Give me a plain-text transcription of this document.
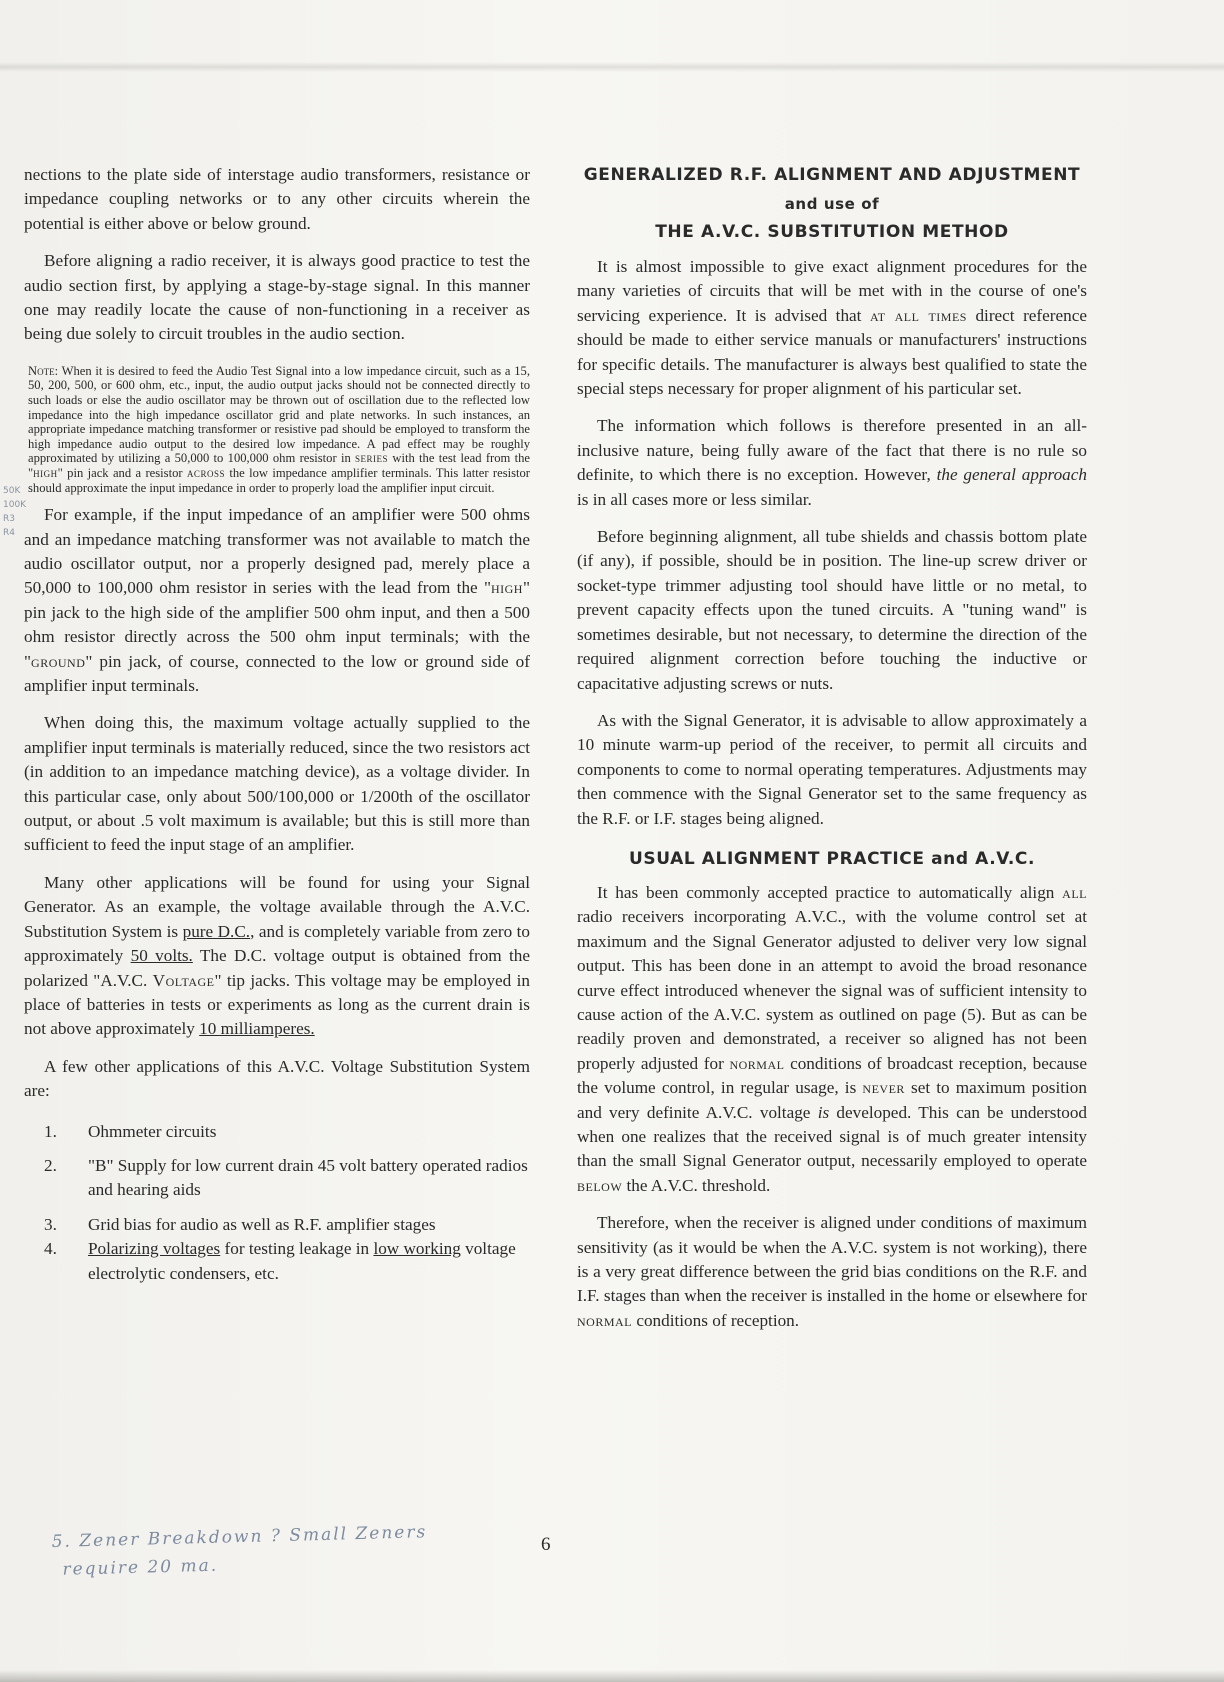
50K
100K
R3
R4

nections to the plate side of interstage audio transformers, resistance or impedance coupling networks or to any other circuits wherein the potential is either above or below ground.

Before aligning a radio receiver, it is always good practice to test the audio section first, by applying a stage-by-stage signal. In this manner one may readily locate the cause of non-functioning in a receiver as being due solely to circuit troubles in the audio section.

Note: When it is desired to feed the Audio Test Signal into a low impedance circuit, such as a 15, 50, 200, 500, or 600 ohm, etc., input, the audio output jacks should not be connected directly to such loads or else the audio oscillator may be thrown out of oscillation due to the reflected low impedance into the high impedance oscillator grid and plate networks. In such instances, an appropriate impedance matching transformer or resistive pad should be employed to transform the high impedance audio output to the desired low impedance. A pad effect may be roughly approximated by utilizing a 50,000 to 100,000 ohm resistor in series with the test lead from the "high" pin jack and a resistor across the low impedance amplifier terminals. This latter resistor should approximate the input impedance in order to properly load the amplifier input circuit.

For example, if the input impedance of an amplifier were 500 ohms and an impedance matching transformer was not available to match the audio oscillator output, nor a properly designed pad, merely place a 50,000 to 100,000 ohm resistor in series with the lead from the "high" pin jack to the high side of the amplifier 500 ohm input, and then a 500 ohm resistor directly across the 500 ohm input terminals; with the "ground" pin jack, of course, connected to the low or ground side of amplifier input terminals.

When doing this, the maximum voltage actually supplied to the amplifier input terminals is materially reduced, since the two resistors act (in addition to an impedance matching device), as a voltage divider. In this particular case, only about 500/100,000 or 1/200th of the oscillator output, or about .5 volt maximum is available; but this is still more than sufficient to feed the input stage of an amplifier.

Many other applications will be found for using your Signal Generator. As an example, the voltage available through the A.V.C. Substitution System is pure D.C., and is completely variable from zero to approximately 50 volts. The D.C. voltage output is obtained from the polarized "A.V.C. Voltage" tip jacks. This voltage may be employed in place of batteries in tests or experiments as long as the current drain is not above approximately 10 milliamperes.

A few other applications of this A.V.C. Voltage Substitution System are:

1.	Ohmmeter circuits
2.	"B" Supply for low current drain 45 volt battery operated radios and hearing aids
3.	Grid bias for audio as well as R.F. amplifier stages
4.	Polarizing voltages for testing leakage in low working voltage electrolytic condensers, etc.
5. Zener Breakdown ? Small Zeners
require 20 ma.
GENERALIZED R.F. ALIGNMENT AND ADJUSTMENT
and use of
THE A.V.C. SUBSTITUTION METHOD

It is almost impossible to give exact alignment procedures for the many varieties of circuits that will be met with in the course of one's servicing experience. It is advised that at all times direct reference should be made to either service manuals or manufacturers' instructions for specific details. The manufacturer is always best qualified to state the special steps necessary for proper alignment of his particular set.

The information which follows is therefore presented in an all-inclusive nature, being fully aware of the fact that there is no rule so definite, to which there is no exception. However, the general approach is in all cases more or less similar.

Before beginning alignment, all tube shields and chassis bottom plate (if any), if possible, should be in position. The line-up screw driver or socket-type trimmer adjusting tool should have little or no metal, to prevent capacity effects upon the tuned circuits. A "tuning wand" is sometimes desirable, but not necessary, to determine the direction of the required alignment correction before touching the inductive or capacitative adjusting screws or nuts.

As with the Signal Generator, it is advisable to allow approximately a 10 minute warm-up period of the receiver, to permit all circuits and components to come to normal operating temperatures. Adjustments may then commence with the Signal Generator set to the same frequency as the R.F. or I.F. stages being aligned.

USUAL ALIGNMENT PRACTICE and A.V.C.

It has been commonly accepted practice to automatically align all radio receivers incorporating A.V.C., with the volume control set at maximum and the Signal Generator adjusted to deliver very low signal output. This has been done in an attempt to avoid the broad resonance curve effect introduced whenever the signal was of sufficient intensity to cause action of the A.V.C. system as outlined on page (5). But as can be readily proven and demonstrated, a receiver so aligned has not been properly adjusted for normal conditions of broadcast reception, because the volume control, in regular usage, is never set to maximum position and very definite A.V.C. voltage is developed. This can be understood when one realizes that the received signal is of much greater intensity than the small Signal Generator output, necessarily employed to operate below the A.V.C. threshold.

Therefore, when the receiver is aligned under conditions of maximum sensitivity (as it would be when the A.V.C. system is not working), there is a very great difference between the grid bias conditions on the R.F. and I.F. stages than when the receiver is installed in the home or elsewhere for normal conditions of reception.

6
